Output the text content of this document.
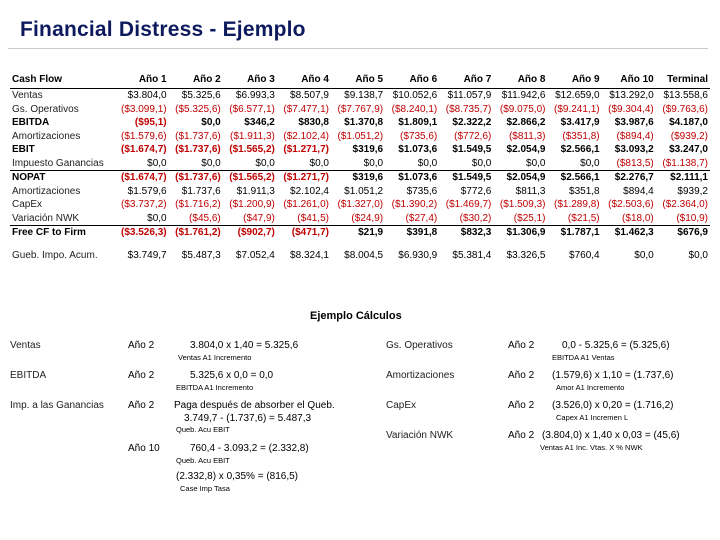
Financial Distress - Ejemplo
Cash Flow	Año 1	Año 2	Año 3	Año 4	Año 5	Año 6	Año 7	Año 8	Año 9	Año 10	Terminal
Ventas	$3.804,0	$5.325,6	$6.993,3	$8.507,9	$9.138,7	$10.052,6	$11.057,9	$11.942,6	$12.659,0	$13.292,0	$13.558,6
Gs. Operativos	($3.099,1)	($5.325,6)	($6.577,1)	($7.477,1)	($7.767,9)	($8.240,1)	($8.735,7)	($9.075,0)	($9.241,1)	($9.304,4)	($9.763,6)
EBITDA	($95,1)	$0,0	$346,2	$830,8	$1.370,8	$1.809,1	$2.322,2	$2.866,2	$3.417,9	$3.987,6	$4.187,0
Amortizaciones	($1.579,6)	($1.737,6)	($1.911,3)	($2.102,4)	($1.051,2)	($735,6)	($772,6)	($811,3)	($351,8)	($894,4)	($939,2)
EBIT	($1.674,7)	($1.737,6)	($1.565,2)	($1.271,7)	$319,6	$1.073,6	$1.549,5	$2.054,9	$2.566,1	$3.093,2	$3.247,0
Impuesto Ganancias	$0,0	$0,0	$0,0	$0,0	$0,0	$0,0	$0,0	$0,0	$0,0	($813,5)	($1.138,7)
NOPAT	($1.674,7)	($1.737,6)	($1.565,2)	($1.271,7)	$319,6	$1.073,6	$1.549,5	$2.054,9	$2.566,1	$2.276,7	$2.111,1
Amortizaciones	$1.579,6	$1.737,6	$1.911,3	$2.102,4	$1.051,2	$735,6	$772,6	$811,3	$351,8	$894,4	$939,2
CapEx	($3.737,2)	($1.716,2)	($1.200,9)	($1.261,0)	($1.327,0)	($1.390,2)	($1.469,7)	($1.509,3)	($1.289,8)	($2.503,6)	($2.364,0)
Variación NWK	$0,0	($45,6)	($47,9)	($41,5)	($24,9)	($27,4)	($30,2)	($25,1)	($21,5)	($18,0)	($10,9)
Free CF to Firm	($3.526,3)	($1.761,2)	($902,7)	($471,7)	$21,9	$391,8	$832,3	$1.306,9	$1.787,1	$1.462,3	$676,9

Gueb. Impo. Acum.	$3.749,7	$5.487,3	$7.052,4	$8.324,1	$8.004,5	$6.930,9	$5.381,4	$3.326,5	$760,4	$0,0	$0,0
Ejemplo Cálculos
Ventas	Año 2	3.804,0 x 1,40 = 5.325,6
Ventas A1 Incremento
EBITDA	Año 2	5.325,6 x 0,0 = 0,0
EBITDA A1 Incremento
Imp. a las Ganancias Año 2 Paga después de absorber el Queb.
3.749,7 - (1.737,6) = 5.487,3
Queb. Acu EBIT
Año 10	760,4 - 3.093,2 = (2.332,8)
Queb. Acu EBIT
(2.332,8) x 0,35% = (816,5)
Case Imp Tasa
Gs. Operativos	Año 2	0,0 - 5.325,6 = (5.325,6)
EBITDA A1 Ventas
Amortizaciones	Año 2 (1.579,6) x 1,10 = (1.737,6)
Amor A1 Incremento
CapEx	Año 2 (3.526,0) x 0,20 = (1.716,2)
Capex A1 Incremen L
Variación NWK	Año 2 (3.804,0) x 1,40 x 0,03 = (45,6)
Ventas A1 Inc. Vtas. X % NWK
